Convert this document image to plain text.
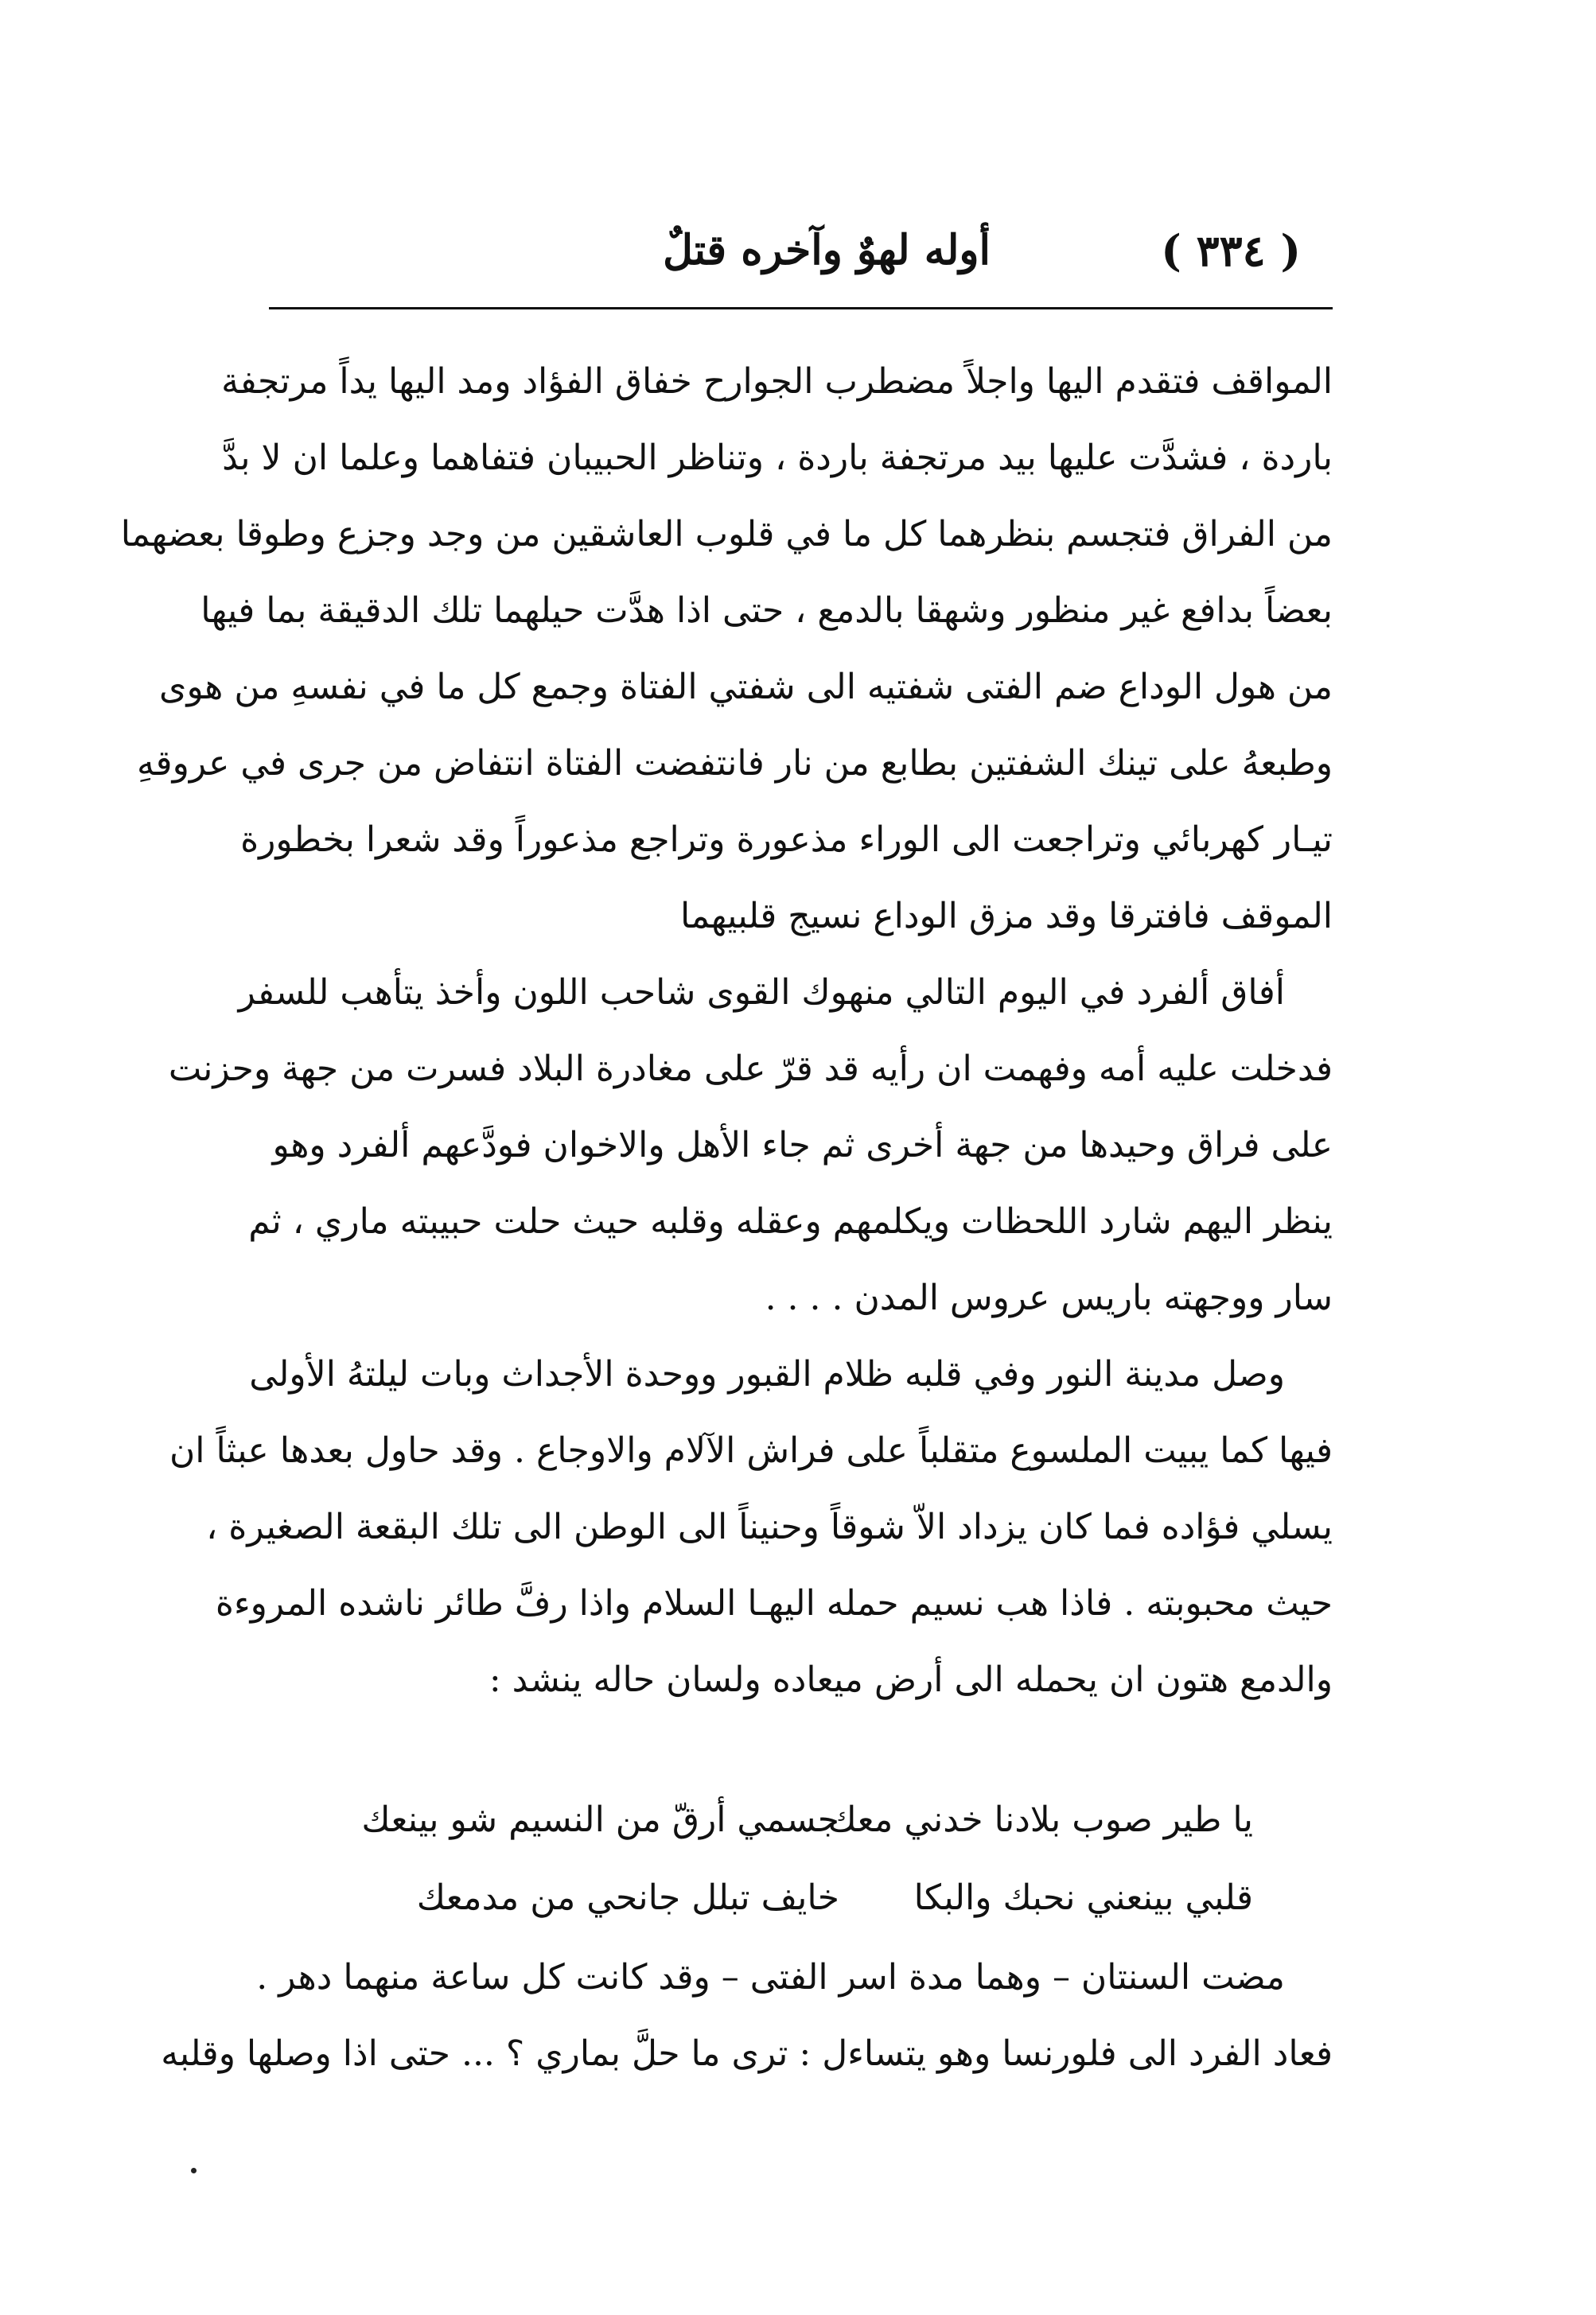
( ٣٣٤ )
أوله لهوٌ وآخره قتلٌ

المواقف فتقدم اليها واجلاً مضطرب الجوارح خفاق الفؤاد ومد اليها يداً مرتجفة
باردة ، فشدَّت عليها بيد مرتجفة باردة ، وتناظر الحبيبان فتفاهما وعلما ان لا بدَّ
من الفراق فتجسم بنظرهما كل ما في قلوب العاشقين من وجد وجزع وطوقا بعضهما
بعضاً بدافع غير منظور وشهقا بالدمع ، حتى اذا هدَّت حيلهما تلك الدقيقة بما فيها
من هول الوداع ضم الفتى شفتيه الى شفتي الفتاة وجمع كل ما في نفسهِ من هوى
وطبعهُ على تينك الشفتين بطابع من نار فانتفضت الفتاة انتفاض من جرى في عروقهِ
تيـار كهربائي وتراجعت الى الوراء مذعورة وتراجع مذعوراً وقد شعرا بخطورة
الموقف فافترقا وقد مزق الوداع نسيج قلبيهما

أفاق ألفرد في اليوم التالي منهوك القوى شاحب اللون وأخذ يتأهب للسفر
فدخلت عليه أمه وفهمت ان رأيه قد قرّ على مغادرة البلاد فسرت من جهة وحزنت
على فراق وحيدها من جهة أخرى ثم جاء الأهل والاخوان فودَّعهم ألفرد وهو
ينظر اليهم شارد اللحظات ويكلمهم وعقله وقلبه حيث حلت حبيبته ماري ، ثم
سار ووجهته باريس عروس المدن . . . .

وصل مدينة النور وفي قلبه ظلام القبور ووحدة الأجداث وبات ليلتهُ الأولى
فيها كما يبيت الملسوع متقلباً على فراش الآلام والاوجاع . وقد حاول بعدها عبثاً ان
يسلي فؤاده فما كان يزداد الاّ شوقاً وحنيناً الى الوطن الى تلك البقعة الصغيرة ،
حيث محبوبته . فاذا هب نسيم حمله اليهـا السلام واذا رفَّ طائر ناشده المروءة
والدمع هتون ان يحمله الى أرض ميعاده ولسان حاله ينشد :

يا طير صوب بلادنا خدني معك
جسمي أرقّ من النسيم شو بينعك
قلبي بينعني نحبك والبكا
خايف تبلل جانحي من مدمعك
مضت السنتان – وهما مدة اسر الفتى – وقد كانت كل ساعة منهما دهر .
فعاد الفرد الى فلورنسا وهو يتساءل : ترى ما حلَّ بماري ؟ ... حتى اذا وصلها وقلبه
